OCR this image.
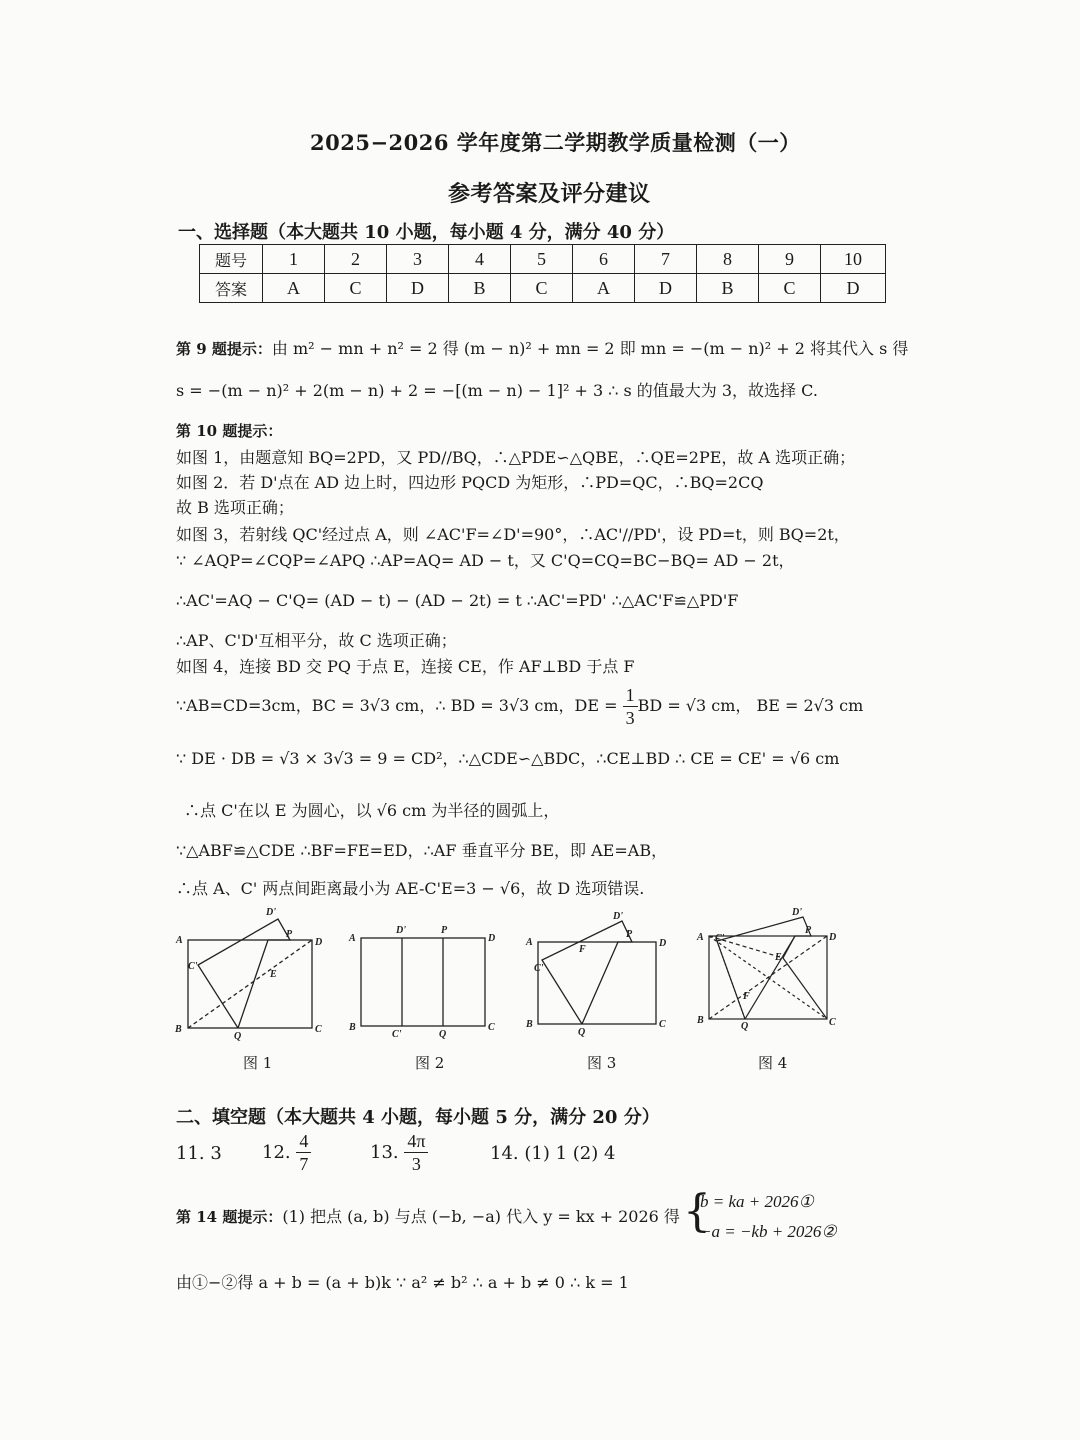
2025−2026 学年度第二学期教学质量检测（一）
参考答案及评分建议
一、选择题（本大题共 10 小题，每小题 4 分，满分 40 分）
题号	1	2	3	4	5	6	7	8	9	10
答案	A	C	D	B	C	A	D	B	C	D
第 9 题提示：由 m² − mn + n² = 2 得 (m − n)² + mn = 2 即 mn = −(m − n)² + 2 将其代入 s 得
s = −(m − n)² + 2(m − n) + 2 = −[(m − n) − 1]² + 3 ∴ s 的值最大为 3，故选择 C.
第 10 题提示：
如图 1，由题意知 BQ=2PD，又 PD//BQ，∴△PDE∽△QBE，∴QE=2PE，故 A 选项正确；
如图 2．若 D'点在 AD 边上时，四边形 PQCD 为矩形，∴PD=QC，∴BQ=2CQ
故 B 选项正确；
如图 3，若射线 QC'经过点 A，则 ∠AC'F=∠D'=90°，∴AC'//PD'，设 PD=t，则 BQ=2t，
∵ ∠AQP=∠CQP=∠APQ ∴AP=AQ= AD − t，又 C'Q=CQ=BC−BQ= AD − 2t，
∴AC'=AQ − C'Q= (AD − t) − (AD − 2t) = t ∴AC'=PD' ∴△AC'F≌△PD'F
∴AP、C'D'互相平分，故 C 选项正确；
如图 4，连接 BD 交 PQ 于点 E，连接 CE，作 AF⊥BD 于点 F
∵AB=CD=3cm，BC = 3√3 cm，∴ BD = 3√3 cm，DE = $\frac{1}{3}$ BD = √3 cm， BE = 2√3 cm
∵ DE · DB = √3 × 3√3 = 9 = CD²，∴△CDE∽△BDC，∴CE⊥BD ∴ CE = CE' = √6 cm
∴点 C'在以 E 为圆心，以 √6 cm 为半径的圆弧上，
∵△ABF≌△CDE ∴BF=FE=ED，∴AF 垂直平分 BE，即 AE=AB，
∴点 A、C' 两点间距离最小为 AE-C'E=3 − √6，故 D 选项错误.
A
B	C
D
P
Q
E
C'
D'
图 1
A
B	C
D
P
Q
C'
D'
图 2
A
B	C
D
P
Q
F
C'
D'
图 3
A
B	C
D
P
Q
E
F
C'
D'
图 4
二、填空题（本大题共 4 小题，每小题 5 分，满分 20 分）
11. 3 12. $\frac{4}{7}$	13. $\frac{4\pi}{3}$	14. (1) 1 (2) 4
第 14 题提示：(1) 把点 (a, b) 与点 (−b, −a) 代入 y = kx + 2026 得 {
b = ka + 2026①
−a = −kb + 2026②
由①−②得 a + b = (a + b)k ∵ a² ≠ b² ∴ a + b ≠ 0 ∴ k = 1
